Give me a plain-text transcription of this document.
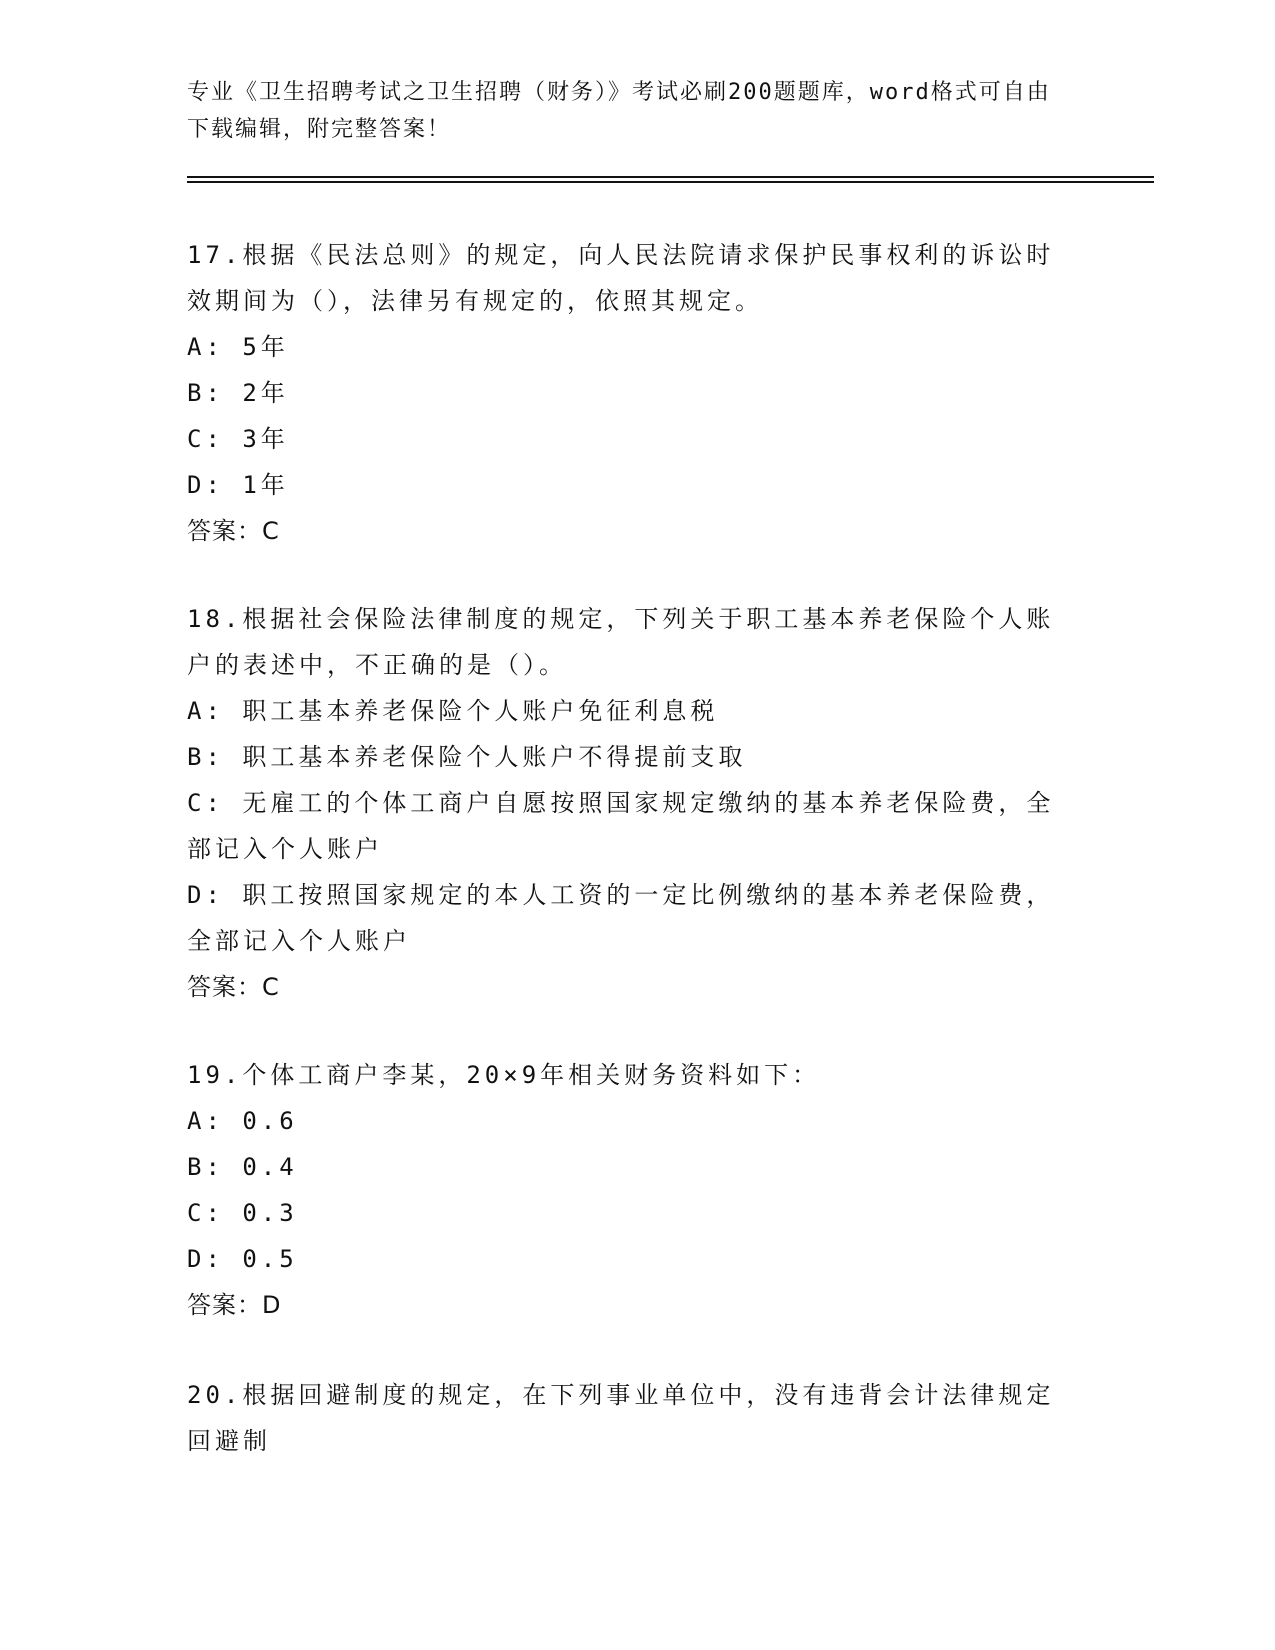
专业《卫生招聘考试之卫生招聘（财务）》考试必刷200题题库，word格式可自由下载编辑，附完整答案！
17.根据《民法总则》的规定，向人民法院请求保护民事权利的诉讼时效期间为（），法律另有规定的，依照其规定。
A: 5年
B: 2年
C: 3年
D: 1年
答案：C
18.根据社会保险法律制度的规定，下列关于职工基本养老保险个人账户的表述中，不正确的是（）。
A: 职工基本养老保险个人账户免征利息税
B: 职工基本养老保险个人账户不得提前支取
C: 无雇工的个体工商户自愿按照国家规定缴纳的基本养老保险费，全部记入个人账户
D: 职工按照国家规定的本人工资的一定比例缴纳的基本养老保险费，全部记入个人账户
答案：C
19.个体工商户李某，20×9年相关财务资料如下：
A: 0.6
B: 0.4
C: 0.3
D: 0.5
答案：D
20.根据回避制度的规定，在下列事业单位中，没有违背会计法律规定回避制
